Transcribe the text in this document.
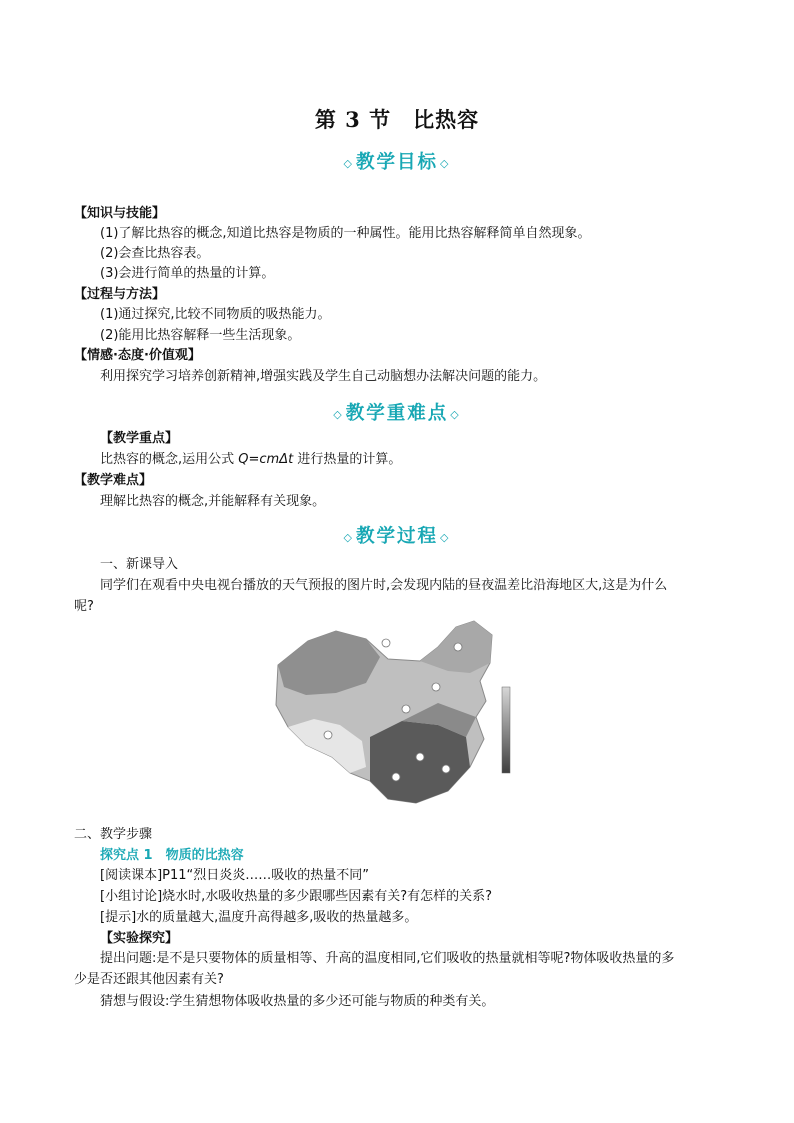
第 3 节　比热容
◇ 教学目标 ◇
【知识与技能】
(1)了解比热容的概念,知道比热容是物质的一种属性。能用比热容解释简单自然现象。
(2)会查比热容表。
(3)会进行简单的热量的计算。
【过程与方法】
(1)通过探究,比较不同物质的吸热能力。
(2)能用比热容解释一些生活现象。
【情感·态度·价值观】
利用探究学习培养创新精神,增强实践及学生自己动脑想办法解决问题的能力。
◇ 教学重难点 ◇
【教学重点】
比热容的概念,运用公式 Q=cmΔt 进行热量的计算。
【教学难点】
理解比热容的概念,并能解释有关现象。
◇ 教学过程 ◇
一、新课导入
同学们在观看中央电视台播放的天气预报的图片时,会发现内陆的昼夜温差比沿海地区大,这是为什么
呢?
二、教学步骤
探究点 1　物质的比热容
[阅读课本]P11“烈日炎炎……吸收的热量不同”
[小组讨论]烧水时,水吸收热量的多少跟哪些因素有关?有怎样的关系?
[提示]水的质量越大,温度升高得越多,吸收的热量越多。
【实验探究】
提出问题:是不是只要物体的质量相等、升高的温度相同,它们吸收的热量就相等呢?物体吸收热量的多
少是否还跟其他因素有关?
猜想与假设:学生猜想物体吸收热量的多少还可能与物质的种类有关。
